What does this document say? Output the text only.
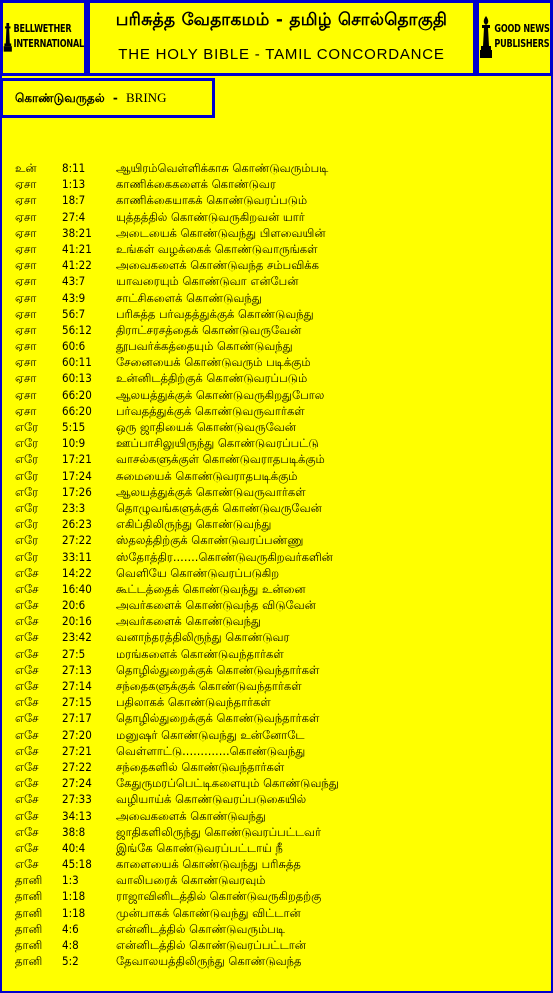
BELLWETHER
INTERNATIONAL
பரிசுத்த வேதாகமம் - தமிழ் சொல்தொகுதி
THE HOLY BIBLE - TAMIL CONCORDANCE
GOOD NEWS
PUBLISHERS
கொண்டுவருதல் - BRING
உன் 8:11	ஆயிரம்வெள்ளிக்காசு கொண்டுவரும்படி
ஏசா 1:13	காணிக்கைகளைக் கொண்டுவர
ஏசா 18:7	காணிக்கையாகக் கொண்டுவரப்படும்
ஏசா 27:4	யுத்தத்தில் கொண்டுவருகிறவன் யார்
ஏசா 38:21 அடையைக் கொண்டுவந்து பிளவையின்
ஏசா 41:21 உங்கள் வழக்கைக் கொண்டுவாருங்கள்
ஏசா 41:22 அவைகளைக் கொண்டுவந்த சம்பவிக்க
ஏசா 43:7	யாவரையும் கொண்டுவா என்பேன்
ஏசா 43:9	சாட்சிகளைக் கொண்டுவந்து
ஏசா 56:7	பரிசுத்த பர்வதத்துக்குக் கொண்டுவந்து
ஏசா 56:12 திராட்சரசத்தைக் கொண்டுவருவேன்
ஏசா 60:6	தூபவர்க்கத்தையும் கொண்டுவந்து
ஏசா 60:11 சேனையைக் கொண்டுவரும் படிக்கும்
ஏசா 60:13 உன்னிடத்திற்குக் கொண்டுவரப்படும்
ஏசா 66:20 ஆலயத்துக்குக் கொண்டுவருகிறதுபோல
ஏசா 66:20 பர்வதத்துக்குக் கொண்டுவருவார்கள்
எரே 5:15	ஒரு ஜாதியைக் கொண்டுவருவேன்
எரே 10:9	ஊப்பாசிலுயிருந்து கொண்டுவரப்பட்டு
எரே 17:21 வாசல்களுக்குள் கொண்டுவராதபடிக்கும்
எரே 17:24 சுமையைக் கொண்டுவராதபடிக்கும்
எரே 17:26 ஆலயத்துக்குக் கொண்டுவருவார்கள்
எரே 23:3	தொழுவங்களுக்குக் கொண்டுவருவேன்
எரே 26:23 எகிப்திலிருந்து கொண்டுவந்து
எரே 27:22 ஸ்தலத்திற்குக் கொண்டுவரப்பண்ணு
எரே 33:11 ஸ்தோத்திர.......கொண்டுவருகிறவர்களின்
எசே 14:22 வெளியே கொண்டுவரப்படுகிற
எசே 16:40 கூட்டத்தைக் கொண்டுவந்து உன்னை
எசே 20:6	அவர்களைக் கொண்டுவந்த விடுவேன்
எசே 20:16 அவர்களைக் கொண்டுவந்து
எசே 23:42 வனாந்தரத்திலிருந்து கொண்டுவர
எசே 27:5	மரங்களைக் கொண்டுவந்தார்கள்
எசே 27:13 தொழில்துறைக்குக் கொண்டுவந்தார்கள்
எசே 27:14 சந்தைகளுக்குக் கொண்டுவந்தார்கள்
எசே 27:15 பதிலாகக் கொண்டுவந்தார்கள்
எசே 27:17 தொழில்துறைக்குக் கொண்டுவந்தார்கள்
எசே 27:20 மனுஷர் கொண்டுவந்து உன்னோடே
எசே 27:21 வெள்ளாட்டு.............கொண்டுவந்து
எசே 27:22 சந்தைகளில் கொண்டுவந்தார்கள்
எசே 27:24 கேதுருமரப்பெட்டிகளையும் கொண்டுவந்து
எசே 27:33 வழியாய்க் கொண்டுவரப்படுகையில்
எசே 34:13 அவைகளைக் கொண்டுவந்து
எசே 38:8	ஜாதிகளிலிருந்து கொண்டுவரப்பட்டவர்
எசே 40:4	இங்கே கொண்டுவரப்பட்டாய் நீ
எசே 45:18 காளையைக் கொண்டுவந்து பரிசுத்த
தானி 1:3	வாலிபரைக் கொண்டுவரவும்
தானி 1:18	ராஜாவினிடத்தில் கொண்டுவருகிறதற்கு
தானி 1:18	முன்பாகக் கொண்டுவந்து விட்டான்
தானி 4:6	என்னிடத்தில் கொண்டுவரும்படி
தானி 4:8	என்னிடத்தில் கொண்டுவரப்பட்டான்
தானி 5:2	தேவாலயத்திலிருந்து கொண்டுவந்த
